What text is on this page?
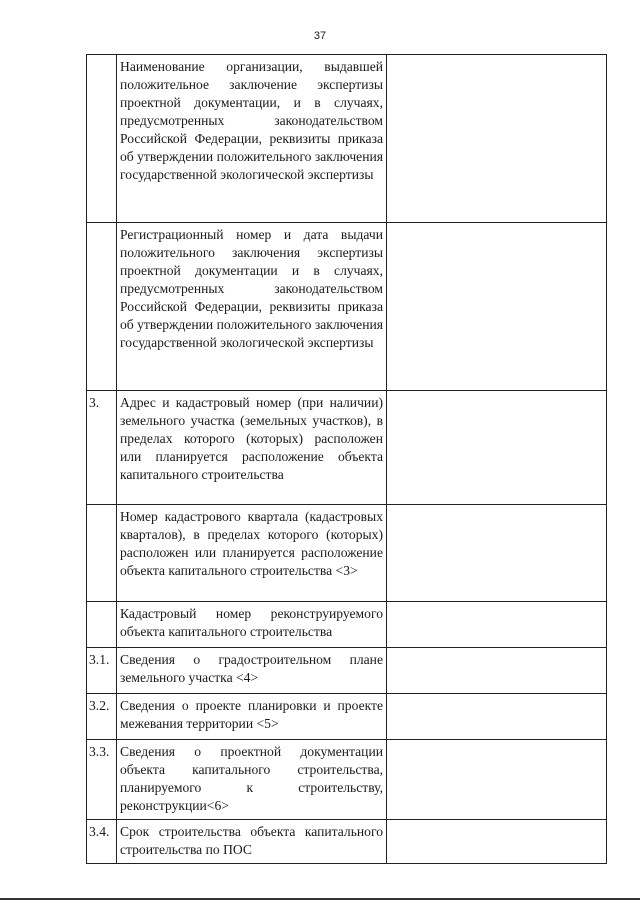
37
	Наименование организации, выдавшей положительное заключение экспертизы проектной документации, и в случаях, предусмотренных законодательством Российской Федерации, реквизиты приказа об утверждении положительного заключения государственной экологической экспертизы	
	Регистрационный номер и дата выдачи положительного заключения экспертизы проектной документации и в случаях, предусмотренных законодательством Российской Федерации, реквизиты приказа об утверждении положительного заключения государственной экологической экспертизы	
3.	Адрес и кадастровый номер (при наличии) земельного участка (земельных участков), в пределах которого (которых) расположен или планируется расположение объекта капитального строительства	
	Номер кадастрового квартала (кадастровых кварталов), в пределах которого (которых) расположен или планируется расположение объекта капитального строительства <3>	
	Кадастровый номер реконструируемого объекта капитального строительства	
3.1.	Сведения о градостроительном плане земельного участка <4>	
3.2.	Сведения о проекте планировки и проекте межевания территории <5>	
3.3.	Сведения о проектной документации объекта капитального строительства, планируемого к строительству, реконструкции<6>	
3.4.	Срок строительства объекта капитального строительства по ПОС	
